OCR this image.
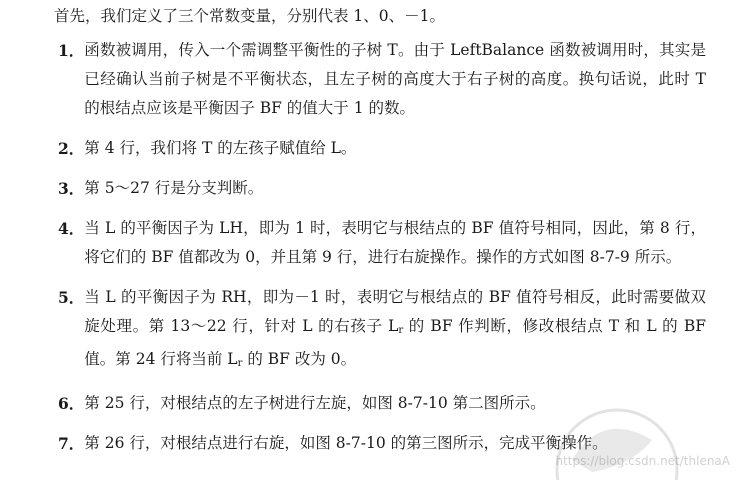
首先，我们定义了三个常数变量，分别代表 1、0、－1。
1． 函数被调用，传入一个需调整平衡性的子树 T。由于 LeftBalance 函数被调用时，其实是已经确认当前子树是不平衡状态，且左子树的高度大于右子树的高度。换句话说，此时 T 的根结点应该是平衡因子 BF 的值大于 1 的数。
2． 第 4 行，我们将 T 的左孩子赋值给 L。
3． 第 5～27 行是分支判断。
4． 当 L 的平衡因子为 LH，即为 1 时，表明它与根结点的 BF 值符号相同，因此，第 8 行，将它们的 BF 值都改为 0，并且第 9 行，进行右旋操作。操作的方式如图 8-7-9 所示。
5． 当 L 的平衡因子为 RH，即为－1 时，表明它与根结点的 BF 值符号相反，此时需要做双旋处理。第 13～22 行，针对 L 的右孩子 $L_r$ 的 BF 作判断，修改根结点 T 和 L 的 BF 值。第 24 行将当前 $L_r$ 的 BF 改为 0。
6． 第 25 行，对根结点的左子树进行左旋，如图 8-7-10 第二图所示。
7． 第 26 行，对根结点进行右旋，如图 8-7-10 的第三图所示，完成平衡操作。
https://blog.csdn.net/thlenaA
